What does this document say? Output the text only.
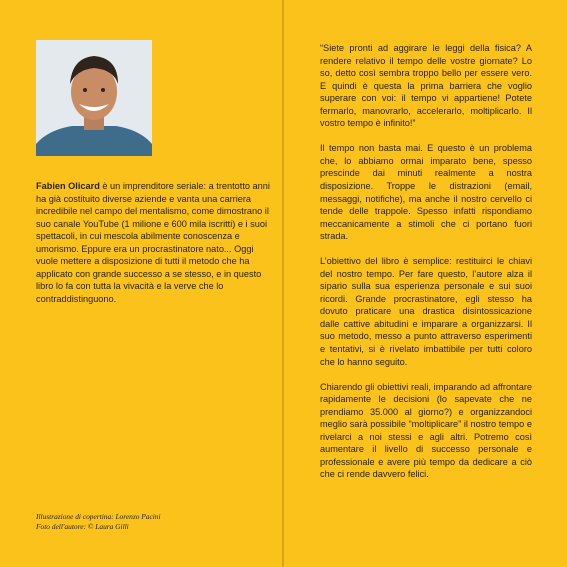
Fabien Olicard è un imprenditore seriale: a trentotto anni ha già costituito diverse aziende e vanta una carriera incredibile nel campo del mentalismo, come dimostrano il suo canale YouTube (1 milione e 600 mila iscritti) e i suoi spettacoli, in cui mescola abilmente conoscenza e umorismo. Eppure era un procrastinatore nato... Oggi vuole mettere a disposizione di tutti il metodo che ha applicato con grande successo a se stesso, e in questo libro lo fa con tutta la vivacità e la verve che lo contraddistinguono.

Illustrazione di copertina: Lorenzo Pacini
Foto dell'autore: © Laura Gilli

“Siete pronti ad aggirare le leggi della fisica? A rendere relativo il tempo delle vostre giornate? Lo so, detto così sembra troppo bello per essere vero. E quindi è questa la prima barriera che voglio superare con voi: il tempo vi appartiene! Potete fermarlo, manovrarlo, accelerarlo, moltiplicarlo. Il vostro tempo è infinito!”

Il tempo non basta mai. E questo è un problema che, lo abbiamo ormai imparato bene, spesso prescinde dai minuti realmente a nostra disposizione. Troppe le distrazioni (email, messaggi, notifiche), ma anche il nostro cervello ci tende delle trappole. Spesso infatti rispondiamo meccanicamente a stimoli che ci portano fuori strada.

L’obiettivo del libro è semplice: restituirci le chiavi del nostro tempo. Per fare questo, l’autore alza il sipario sulla sua esperienza personale e sui suoi ricordi. Grande procrastinatore, egli stesso ha dovuto praticare una drastica disintossicazione dalle cattive abitudini e imparare a organizzarsi. Il suo metodo, messo a punto attraverso esperimenti e tentativi, si è rivelato imbattibile per tutti coloro che lo hanno seguito.

Chiarendo gli obiettivi reali, imparando ad affrontare rapidamente le decisioni (lo sapevate che ne prendiamo 35.000 al giorno?) e organizzandoci meglio sarà possibile “moltiplicare” il nostro tempo e rivelarci a noi stessi e agli altri. Potremo così aumentare il livello di successo personale e professionale e avere più tempo da dedicare a ciò che ci rende davvero felici.
